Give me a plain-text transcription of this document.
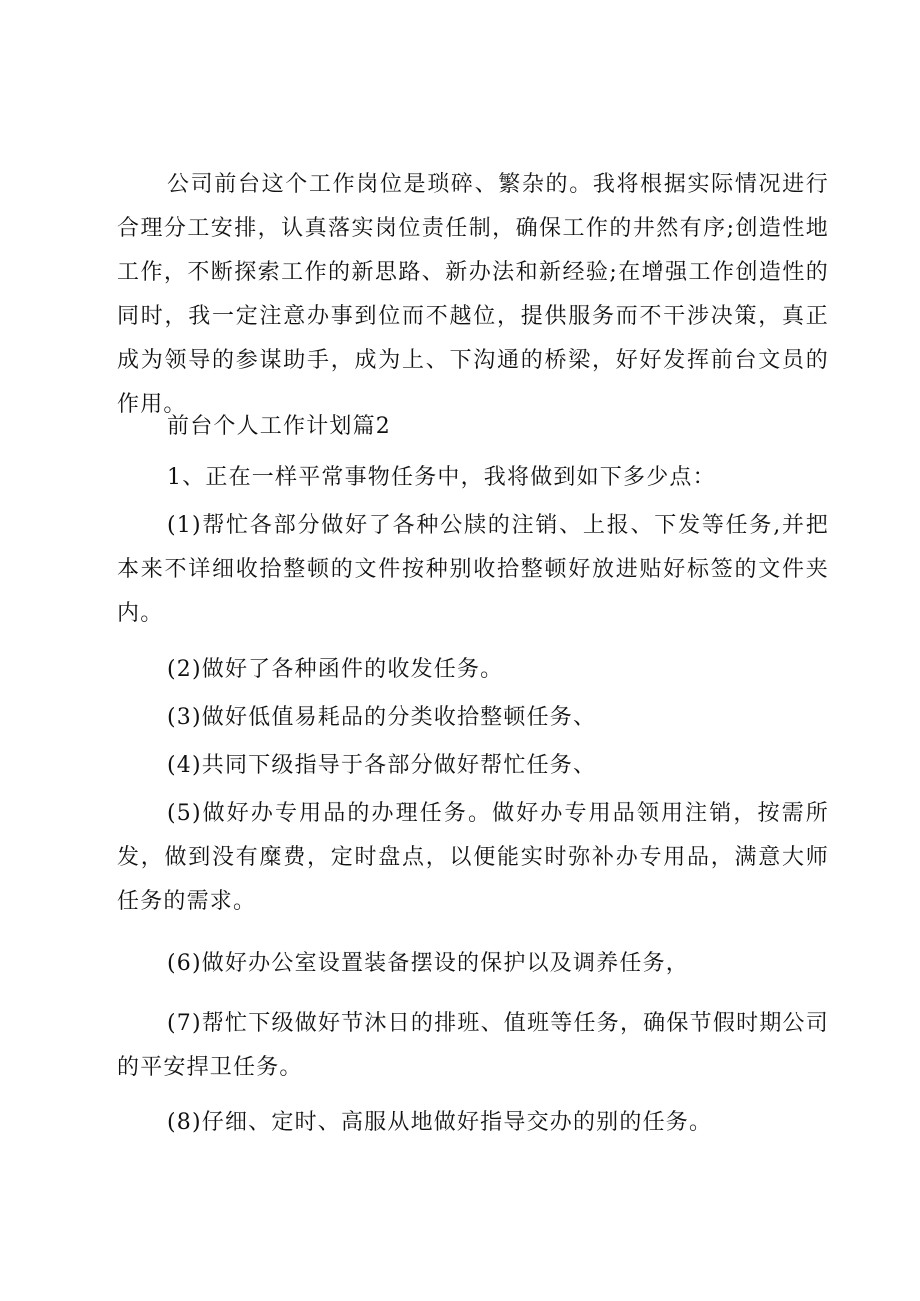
公司前台这个工作岗位是琐碎、繁杂的。我将根据实际情况进行合理分工安排，认真落实岗位责任制，确保工作的井然有序;创造性地工作，不断探索工作的新思路、新办法和新经验;在增强工作创造性的同时，我一定注意办事到位而不越位，提供服务而不干涉决策，真正成为领导的参谋助手，成为上、下沟通的桥梁，好好发挥前台文员的作用。

前台个人工作计划篇2

1、正在一样平常事物任务中，我将做到如下多少点：

(1)帮忙各部分做好了各种公牍的注销、上报、下发等任务,并把本来不详细收拾整顿的文件按种别收拾整顿好放进贴好标签的文件夹内。

(2)做好了各种函件的收发任务。

(3)做好低值易耗品的分类收拾整顿任务、

(4)共同下级指导于各部分做好帮忙任务、

(5)做好办专用品的办理任务。做好办专用品领用注销，按需所发，做到没有糜费，定时盘点，以便能实时弥补办专用品，满意大师任务的需求。

(6)做好办公室设置装备摆设的保护以及调养任务，

(7)帮忙下级做好节沐日的排班、值班等任务，确保节假时期公司的平安捍卫任务。

(8)仔细、定时、高服从地做好指导交办的别的任务。
